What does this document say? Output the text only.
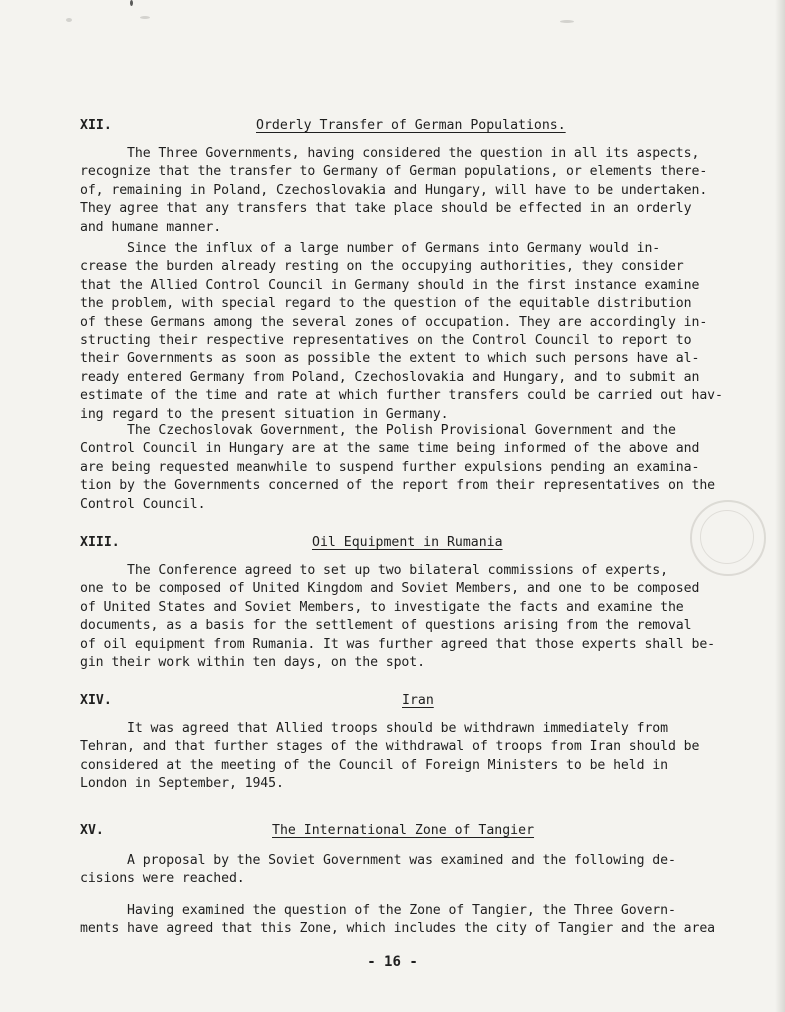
XII.	Orderly Transfer of German Populations.
The Three Governments, having considered the question in all its aspects,
recognize that the transfer to Germany of German populations, or elements there-
of, remaining in Poland, Czechoslovakia and Hungary, will have to be undertaken.
They agree that any transfers that take place should be effected in an orderly
and humane manner.
Since the influx of a large number of Germans into Germany would in-
crease the burden already resting on the occupying authorities, they consider
that the Allied Control Council in Germany should in the first instance examine
the problem, with special regard to the question of the equitable distribution
of these Germans among the several zones of occupation. They are accordingly in-
structing their respective representatives on the Control Council to report to
their Governments as soon as possible the extent to which such persons have al-
ready entered Germany from Poland, Czechoslovakia and Hungary, and to submit an
estimate of the time and rate at which further transfers could be carried out hav-
ing regard to the present situation in Germany.
The Czechoslovak Government, the Polish Provisional Government and the
Control Council in Hungary are at the same time being informed of the above and
are being requested meanwhile to suspend further expulsions pending an examina-
tion by the Governments concerned of the report from their representatives on the
Control Council.
XIII.	Oil Equipment in Rumania
The Conference agreed to set up two bilateral commissions of experts,
one to be composed of United Kingdom and Soviet Members, and one to be composed
of United States and Soviet Members, to investigate the facts and examine the
documents, as a basis for the settlement of questions arising from the removal
of oil equipment from Rumania. It was further agreed that those experts shall be-
gin their work within ten days, on the spot.
XIV.	Iran
It was agreed that Allied troops should be withdrawn immediately from
Tehran, and that further stages of the withdrawal of troops from Iran should be
considered at the meeting of the Council of Foreign Ministers to be held in
London in September, 1945.
XV.	The International Zone of Tangier
A proposal by the Soviet Government was examined and the following de-
cisions were reached.
Having examined the question of the Zone of Tangier, the Three Govern-
ments have agreed that this Zone, which includes the city of Tangier and the area
- 16 -
